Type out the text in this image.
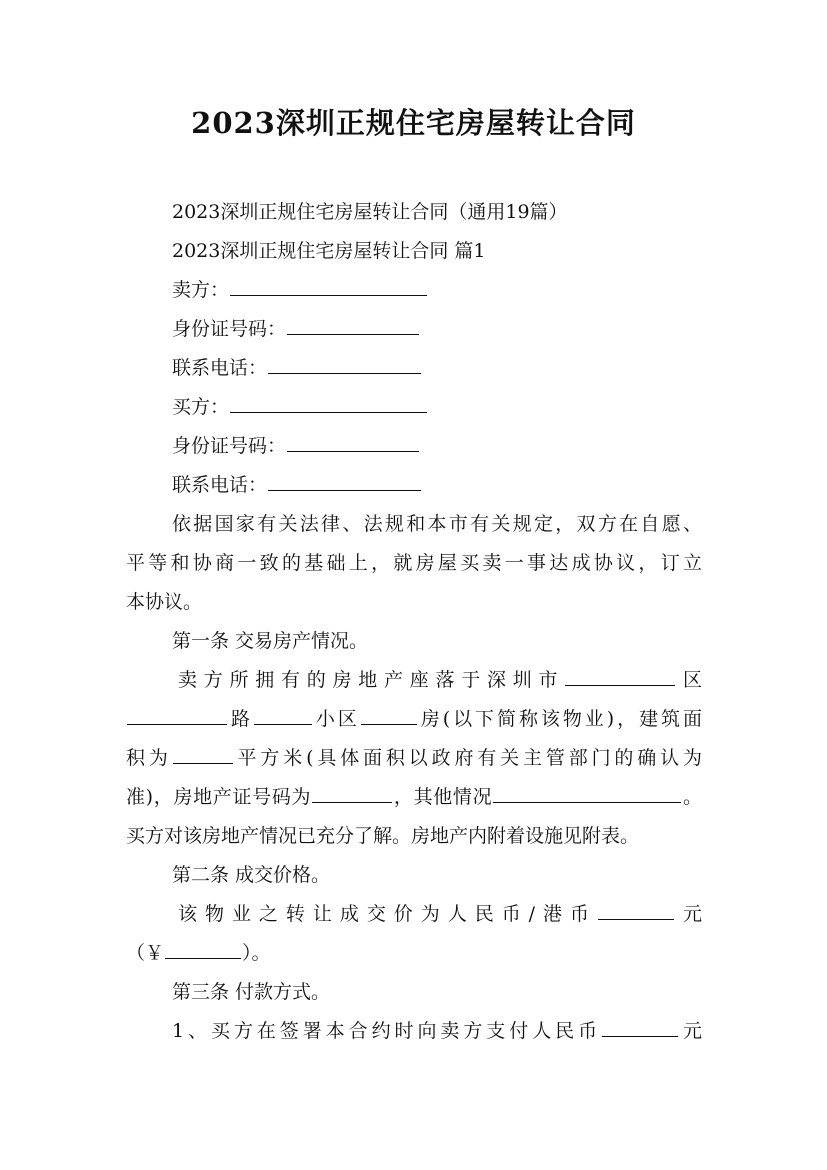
2023深圳正规住宅房屋转让合同
2023深圳正规住宅房屋转让合同（通用19篇）
2023深圳正规住宅房屋转让合同 篇1
卖方：
身份证号码：
联系电话：
买方：
身份证号码：
联系电话：
依据国家有关法律、法规和本市有关规定，双方在自愿、
平等和协商一致的基础上，就房屋买卖一事达成协议，订立
本协议。
第一条 交易房产情况。
卖方所拥有的房地产座落于深圳市	区
路	小区	房(以下简称该物业)，建筑面
积为	平方米(具体面积以政府有关主管部门的确认为
准)，房地产证号码为	，其他情况	。
买方对该房地产情况已充分了解。房地产内附着设施见附表。
第二条 成交价格。
该物业之转让成交价为人民币/港币	元
（￥	）。
第三条 付款方式。
1、买方在签署本合约时向卖方支付人民币	元
